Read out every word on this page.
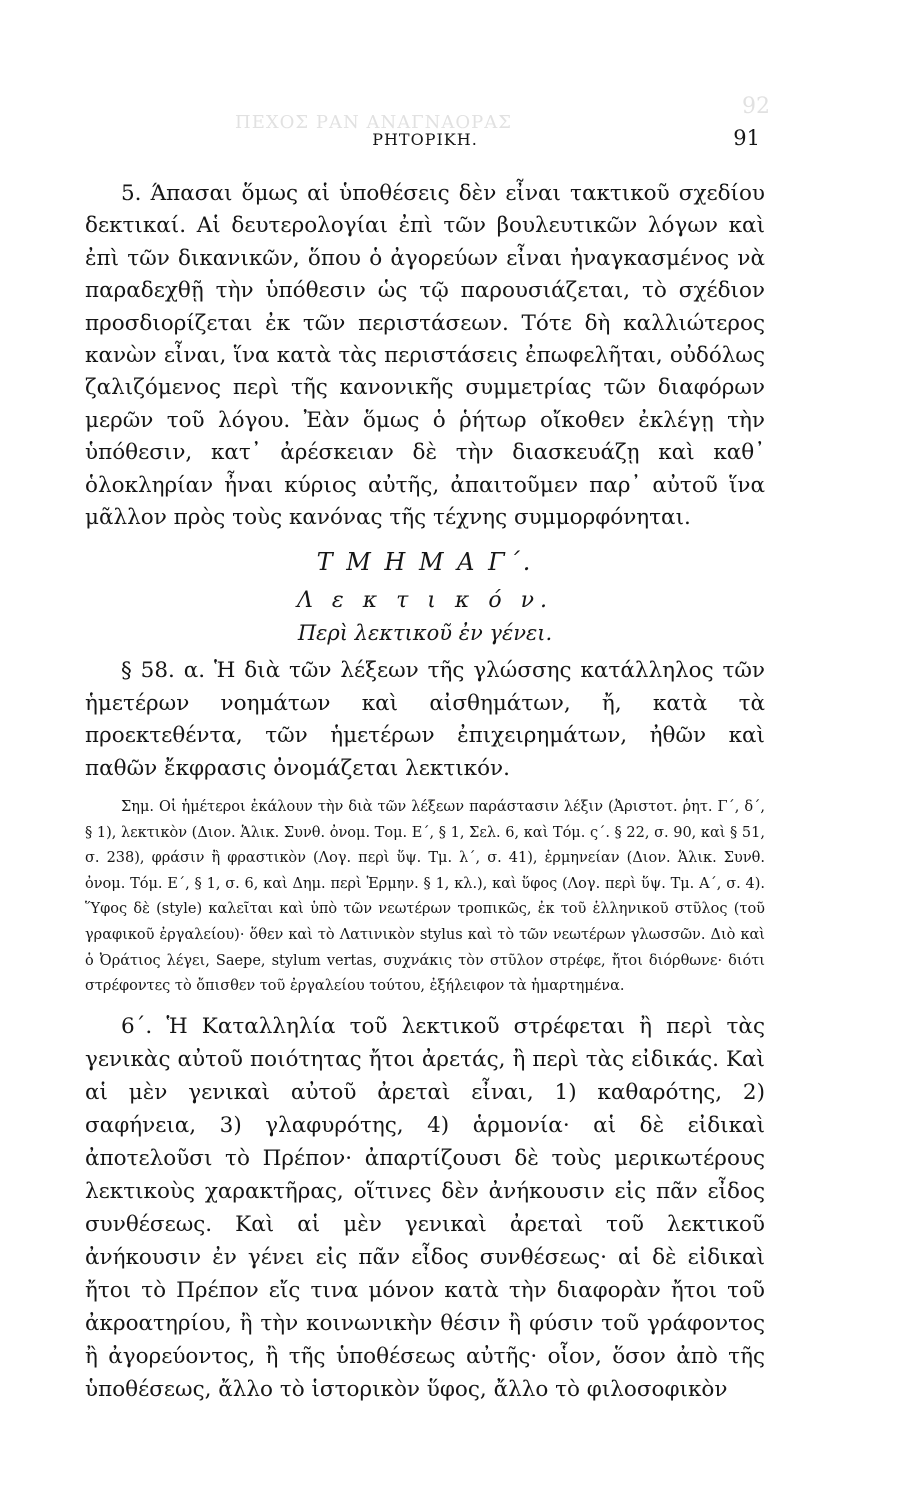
ΠΕΧΟΣ ΡΑΝ ΑΝΑΓΝΑΟΡΑΣ
92
ΡΗΤΟΡΙΚΗ.	91

5. Άπασαι ὅμως αἱ ὑποθέσεις δὲν εἶναι τακτικοῦ σχεδίου δεκτικαί. Αἱ δευτερολογίαι ἐπὶ τῶν βουλευτικῶν λόγων καὶ ἐπὶ τῶν δικανικῶν, ὅπου ὁ ἀγορεύων εἶναι ἠναγκασμένος νὰ παραδεχθῇ τὴν ὑπόθεσιν ὡς τῷ παρουσιάζεται, τὸ σχέδιον προσδιορίζεται ἐκ τῶν περιστάσεων. Τότε δὴ καλλιώτερος κανὼν εἶναι, ἵνα κατὰ τὰς περιστάσεις ἐπωφελῆται, οὐδόλως ζαλιζόμενος περὶ τῆς κανονικῆς συμμετρίας τῶν διαφόρων μερῶν τοῦ λόγου. Ἐὰν ὅμως ὁ ῥήτωρ οἴκοθεν ἐκλέγῃ τὴν ὑπόθεσιν, κατ᾽ ἀρέσκειαν δὲ τὴν διασκευάζῃ καὶ καθ᾽ ὁλοκληρίαν ἦναι κύριος αὐτῆς, ἀπαιτοῦμεν παρ᾽ αὐτοῦ ἵνα μᾶλλον πρὸς τοὺς κανόνας τῆς τέχνης συμμορφόνηται.

Τ Μ Η Μ Α Γ΄.
Λ ε κ τ ι κ ό ν.
Περὶ λεκτικοῦ ἐν γένει.

§ 58. α. Ἡ διὰ τῶν λέξεων τῆς γλώσσης κατάλληλος τῶν ἡμετέρων νοημάτων καὶ αἰσθημάτων, ἤ, κατὰ τὰ προεκτεθέντα, τῶν ἡμετέρων ἐπιχειρημάτων, ἠθῶν καὶ παθῶν ἔκφρασις ὀνομάζεται λεκτικόν.

Σημ. Οἱ ἡμέτεροι ἐκάλουν τὴν διὰ τῶν λέξεων παράστασιν λέξιν (Ἀριστοτ. ῥητ. Γ΄, δ΄, § 1), λεκτικὸν (Διον. Ἁλικ. Συνθ. ὀνομ. Τομ. Ε΄, § 1, Σελ. 6, καὶ Τόμ. ς΄. § 22, σ. 90, καὶ § 51, σ. 238), φράσιν ἢ φραστικὸν (Λογ. περὶ ὕψ. Τμ. λ΄, σ. 41), ἑρμηνείαν (Διον. Ἁλικ. Συνθ. ὀνομ. Τόμ. Ε΄, § 1, σ. 6, καὶ Δημ. περὶ Ἑρμην. § 1, κλ.), καὶ ὕφος (Λογ. περὶ ὕψ. Τμ. Α΄, σ. 4). Ὕφος δὲ (style) καλεῖται καὶ ὑπὸ τῶν νεωτέρων τροπικῶς, ἐκ τοῦ ἑλληνικοῦ στῦλος (τοῦ γραφικοῦ ἐργαλείου)· ὅθεν καὶ τὸ Λατινικὸν stylus καὶ τὸ τῶν νεωτέρων γλωσσῶν. Διὸ καὶ ὁ Ὀράτιος λέγει, Saepe, stylum vertas, συχνάκις τὸν στῦλον στρέφε, ἤτοι διόρθωνε· διότι στρέφοντες τὸ ὄπισθεν τοῦ ἐργαλείου τούτου, ἐξήλειφον τὰ ἡμαρτημένα.

6΄. Ἡ Καταλληλία τοῦ λεκτικοῦ στρέφεται ἢ περὶ τὰς γενικὰς αὐτοῦ ποιότητας ἤτοι ἀρετάς, ἢ περὶ τὰς εἰδικάς. Καὶ αἱ μὲν γενικαὶ αὐτοῦ ἀρεταὶ εἶναι, 1) καθαρότης, 2) σαφήνεια, 3) γλαφυρότης, 4) ἁρμονία· αἱ δὲ εἰδικαὶ ἀποτελοῦσι τὸ Πρέπον· ἀπαρτίζουσι δὲ τοὺς μερικωτέρους λεκτικοὺς χαρακτῆρας, οἵτινες δὲν ἀνήκουσιν εἰς πᾶν εἶδος συνθέσεως. Καὶ αἱ μὲν γενικαὶ ἀρεταὶ τοῦ λεκτικοῦ ἀνήκουσιν ἐν γένει εἰς πᾶν εἶδος συνθέσεως· αἱ δὲ εἰδικαὶ ἤτοι τὸ Πρέπον εἴς τινα μόνον κατὰ τὴν διαφορὰν ἤτοι τοῦ ἀκροατηρίου, ἢ τὴν κοινωνικὴν θέσιν ἢ φύσιν τοῦ γράφοντος ἢ ἀγορεύοντος, ἢ τῆς ὑποθέσεως αὐτῆς· οἷον, ὅσον ἀπὸ τῆς ὑποθέσεως, ἄλλο τὸ ἱστορικὸν ὕφος, ἄλλο τὸ φιλοσοφικὸν
